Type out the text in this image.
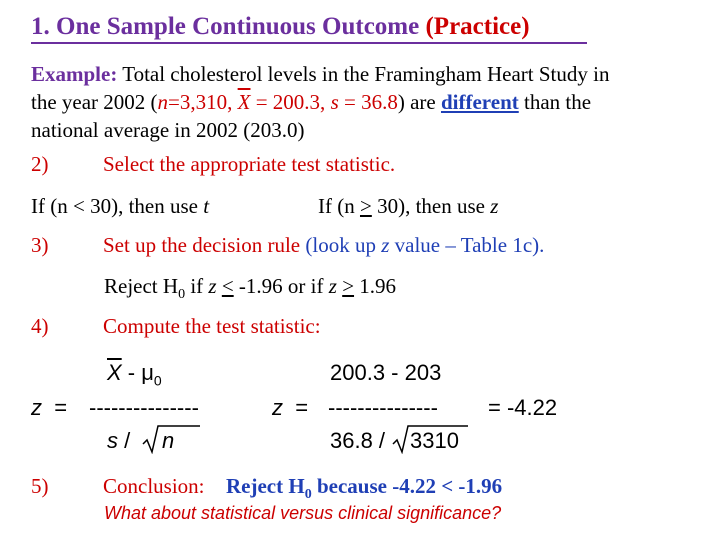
1. One Sample Continuous Outcome (Practice)
Example: Total cholesterol levels in the Framingham Heart Study in
the year 2002 (n=3,310, $\overline{X} = 200.3$, s = 36.8) are different than the
national average in 2002 (203.0)
2)	Select the appropriate test statistic.
If (n < 30), then use t	If (n > 30), then use z
3)	Set up the decision rule (look up z value – Table 1c).
Reject $H_0$ if z < -1.96 or if z > 1.96
4)	Compute the test statistic:
$\overline{X} - \mu_0$
z  = ---------------
s / n
200.3 - 203
z  = --------------- = -4.22
36.8 / 3310
5)	Conclusion: Reject $H_0$ because -4.22 < -1.96
What about statistical versus clinical significance?
